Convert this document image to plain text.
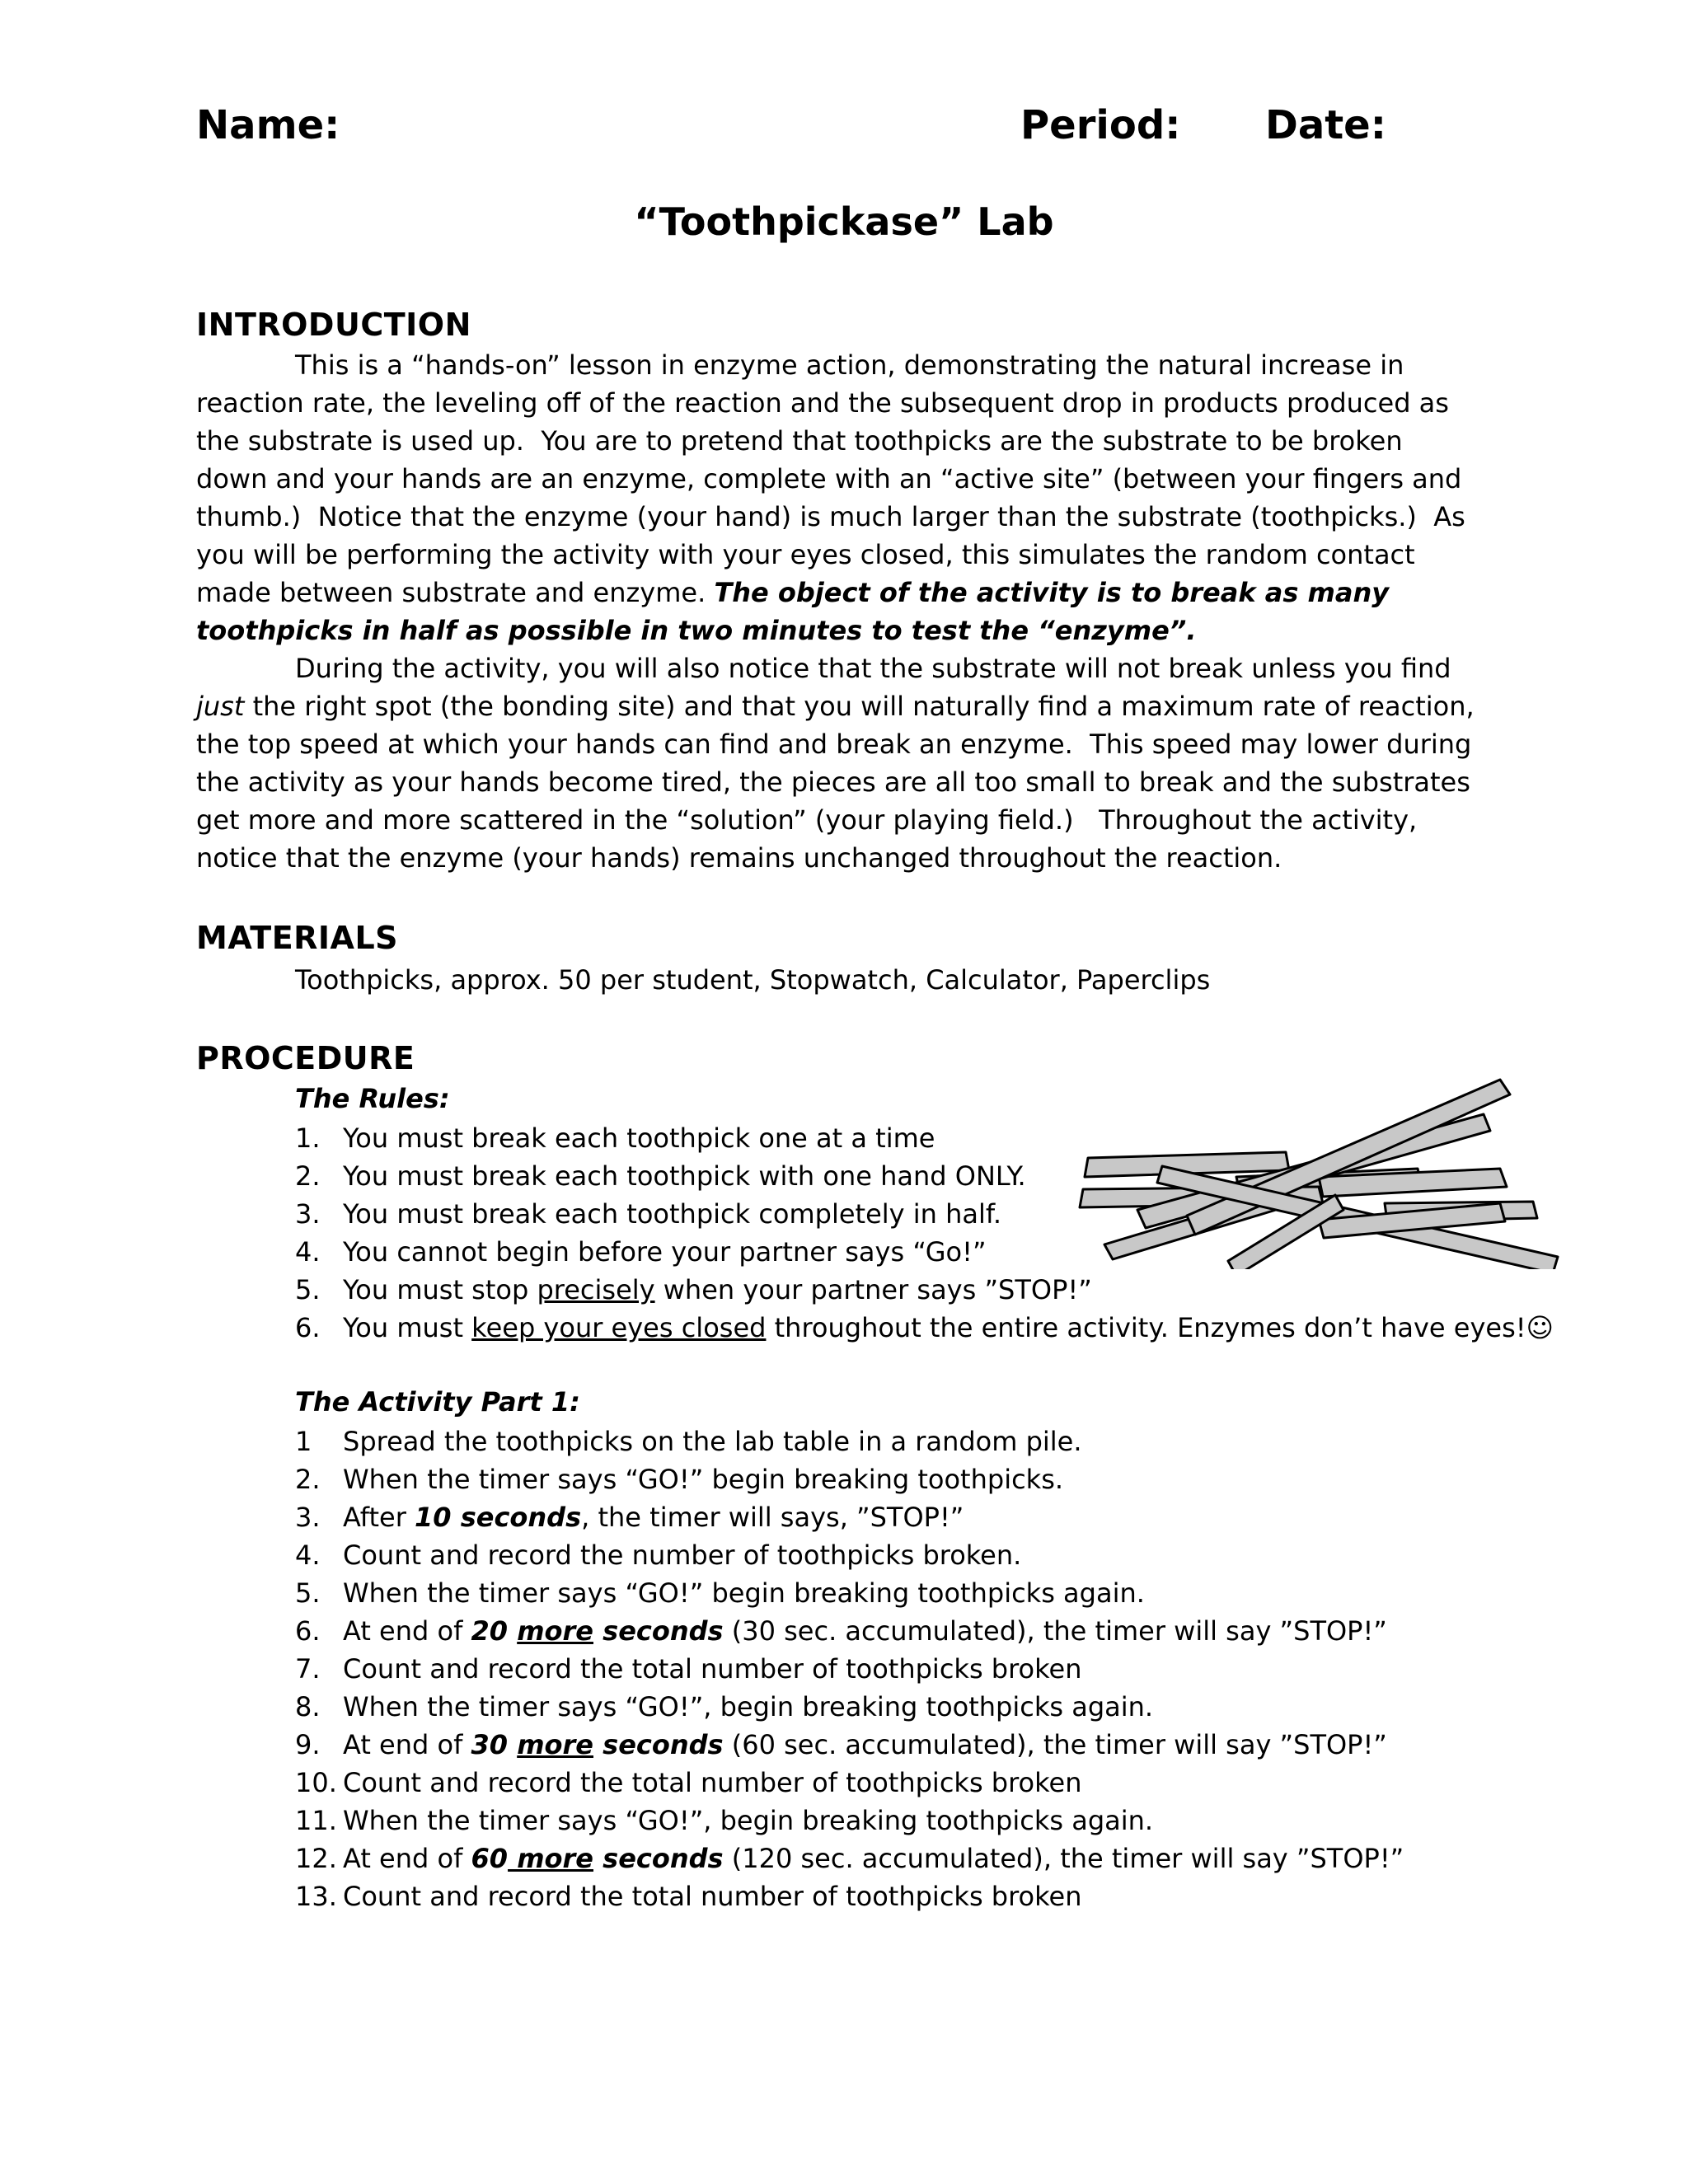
Name:	Period: Date:
“Toothpickase” Lab
INTRODUCTION

This is a “hands-on” lesson in enzyme action, demonstrating the natural increase in reaction rate, the leveling off of the reaction and the subsequent drop in products produced as the substrate is used up.  You are to pretend that toothpicks are the substrate to be broken down and your hands are an enzyme, complete with an “active site” (between your fingers and thumb.)  Notice that the enzyme (your hand) is much larger than the substrate (toothpicks.)  As you will be performing the activity with your eyes closed, this simulates the random contact made between substrate and enzyme. The object of the activity is to break as many toothpicks in half as possible in two minutes to test the “enzyme”.

During the activity, you will also notice that the substrate will not break unless you find just the right spot (the bonding site) and that you will naturally find a maximum rate of reaction, the top speed at which your hands can find and break an enzyme.  This speed may lower during the activity as your hands become tired, the pieces are all too small to break and the substrates get more and more scattered in the “solution” (your playing field.)   Throughout the activity, notice that the enzyme (your hands) remains unchanged throughout the reaction.

MATERIALS
Toothpicks, approx. 50 per student, Stopwatch, Calculator, Paperclips
PROCEDURE
The Rules:
1. You must break each toothpick one at a time
2. You must break each toothpick with one hand ONLY.
3. You must break each toothpick completely in half.
4. You cannot begin before your partner says “Go!”
5. You must stop precisely when your partner says ”STOP!”
6. You must keep your eyes closed throughout the entire activity. Enzymes don’t have eyes!☺
The Activity Part 1:
1 Spread the toothpicks on the lab table in a random pile.
2. When the timer says “GO!” begin breaking toothpicks.
3. After 10 seconds, the timer will says, ”STOP!”
4. Count and record the number of toothpicks broken.
5. When the timer says “GO!” begin breaking toothpicks again.
6. At end of 20 more seconds (30 sec. accumulated), the timer will say ”STOP!”
7. Count and record the total number of toothpicks broken
8. When the timer says “GO!”, begin breaking toothpicks again.
9. At end of 30 more seconds (60 sec. accumulated), the timer will say ”STOP!”
10. Count and record the total number of toothpicks broken
11. When the timer says “GO!”, begin breaking toothpicks again.
12. At end of 60 more seconds (120 sec. accumulated), the timer will say ”STOP!”
13. Count and record the total number of toothpicks broken
